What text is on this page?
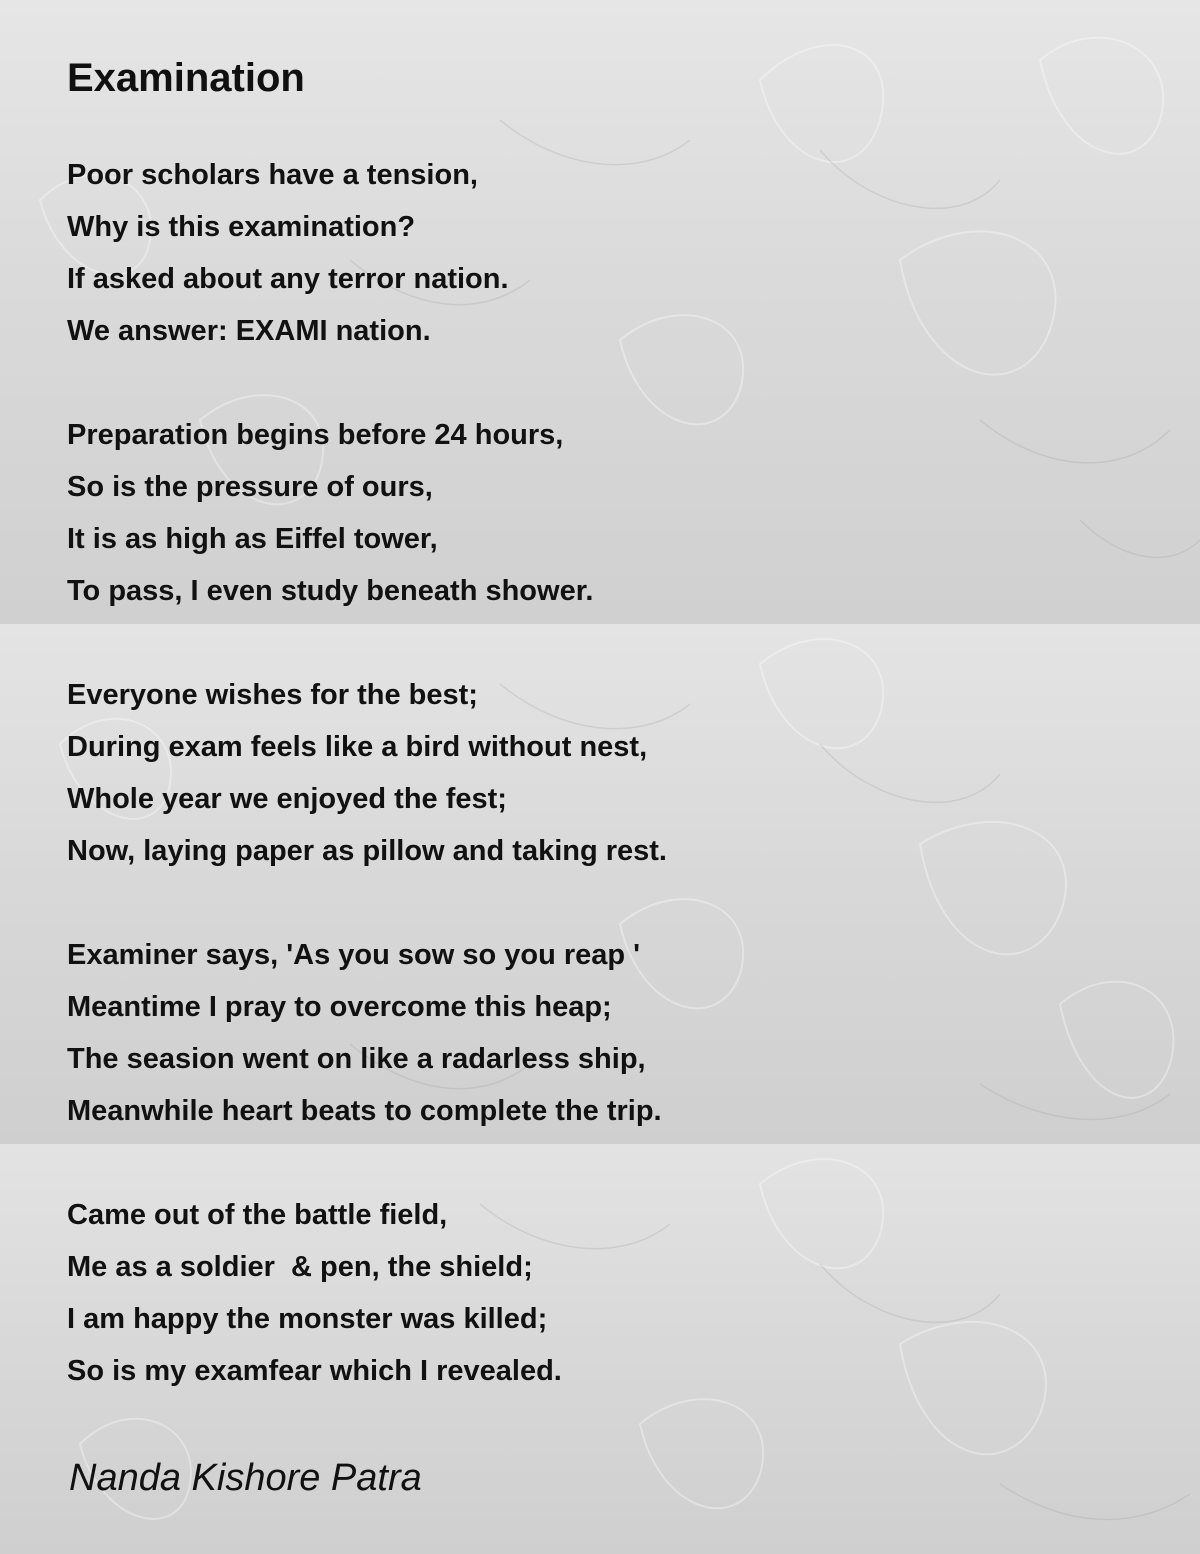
Examination
Poor scholars have a tension,
Why is this examination?
If asked about any terror nation.
We answer: EXAMI nation.
Preparation begins before 24 hours,
So is the pressure of ours,
It is as high as Eiffel tower,
To pass, I even study beneath shower.
Everyone wishes for the best;
During exam feels like a bird without nest,
Whole year we enjoyed the fest;
Now, laying paper as pillow and taking rest.
Examiner says, 'As you sow so you reap '
Meantime I pray to overcome this heap;
The seasion went on like a radarless ship,
Meanwhile heart beats to complete the trip.
Came out of the battle field,
Me as a soldier  & pen, the shield;
I am happy the monster was killed;
So is my examfear which I revealed.

Nanda Kishore Patra
